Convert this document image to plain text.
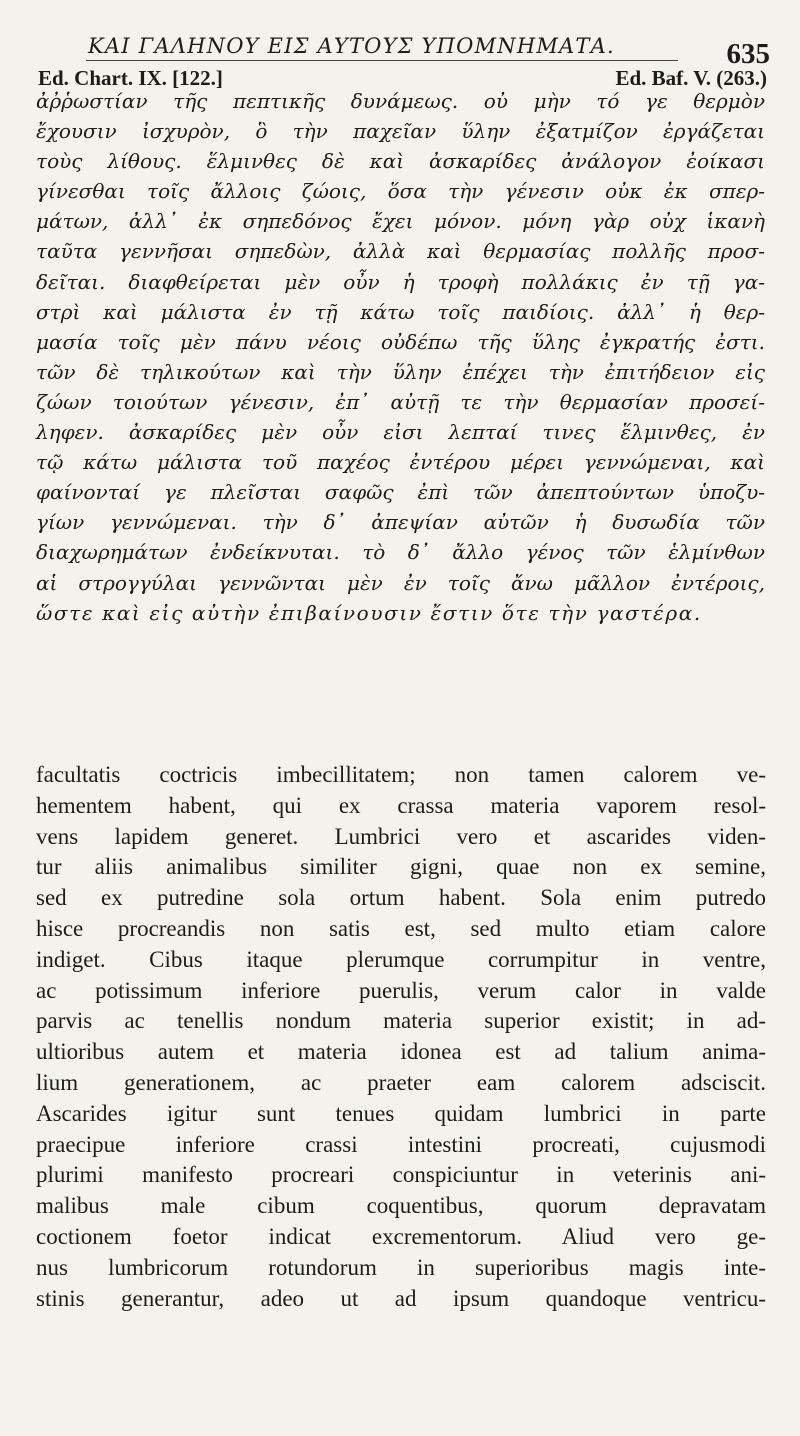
ΚΑΙ ΓΑΛΗΝΟΥ ΕΙΣ ΑΥΤΟΥΣ ΥΠΟΜΝΗΜΑΤΑ.	635
Ed. Chart. IX. [122.]	Ed. Baf. V. (263.)
ἀῤῥωστίαν τῆς πεπτικῆς δυνάμεως. οὐ μὴν τό γε θερμὸν
ἔχουσιν ἰσχυρὸν, ὃ τὴν παχεῖαν ὕλην ἐξατμίζον ἐργάζεται
τοὺς λίθους. ἕλμινθες δὲ καὶ ἀσκαρίδες ἀνάλογον ἐοίκασι
γίνεσθαι τοῖς ἄλλοις ζώοις, ὅσα τὴν γένεσιν οὐκ ἐκ σπερ-
μάτων, ἀλλ᾽ ἐκ σηπεδόνος ἔχει μόνον. μόνη γὰρ οὐχ ἱκανὴ
ταῦτα γεννῆσαι σηπεδὼν, ἀλλὰ καὶ θερμασίας πολλῆς προσ-
δεῖται. διαφθείρεται μὲν οὖν ἡ τροφὴ πολλάκις ἐν τῇ γα-
στρὶ καὶ μάλιστα ἐν τῇ κάτω τοῖς παιδίοις. ἀλλ᾽ ἡ θερ-
μασία τοῖς μὲν πάνυ νέοις οὐδέπω τῆς ὕλης ἐγκρατής ἐστι.
τῶν δὲ τηλικούτων καὶ τὴν ὕλην ἐπέχει τὴν ἐπιτήδειον εἰς
ζώων τοιούτων γένεσιν, ἐπ᾽ αὐτῇ τε τὴν θερμασίαν προσεί-
ληφεν. ἀσκαρίδες μὲν οὖν εἰσι λεπταί τινες ἕλμινθες, ἐν
τῷ κάτω μάλιστα τοῦ παχέος ἐντέρου μέρει γεννώμεναι, καὶ
φαίνονταί γε πλεῖσται σαφῶς ἐπὶ τῶν ἀπεπτούντων ὑποζυ-
γίων γεννώμεναι. τὴν δ᾽ ἀπεψίαν αὐτῶν ἡ δυσωδία τῶν
διαχωρημάτων ἐνδείκνυται. τὸ δ᾽ ἄλλο γένος τῶν ἑλμίνθων
αἱ στρογγύλαι γεννῶνται μὲν ἐν τοῖς ἄνω μᾶλλον ἐντέροις,
ὥστε καὶ εἰς αὐτὴν ἐπιβαίνουσιν ἔστιν ὅτε τὴν γαστέρα.
facultatis coctricis imbecillitatem; non tamen calorem ve-
hementem habent, qui ex crassa materia vaporem resol-
vens lapidem generet. Lumbrici vero et ascarides viden-
tur aliis animalibus similiter gigni, quae non ex semine,
sed ex putredine sola ortum habent. Sola enim putredo
hisce procreandis non satis est, sed multo etiam calore
indiget. Cibus itaque plerumque corrumpitur in ventre,
ac potissimum inferiore puerulis, verum calor in valde
parvis ac tenellis nondum materia superior existit; in ad-
ultioribus autem et materia idonea est ad talium anima-
lium generationem, ac praeter eam calorem adsciscit.
Ascarides igitur sunt tenues quidam lumbrici in parte
praecipue inferiore crassi intestini procreati, cujusmodi
plurimi manifesto procreari conspiciuntur in veterinis ani-
malibus male cibum coquentibus, quorum depravatam
coctionem foetor indicat excrementorum. Aliud vero ge-
nus lumbricorum rotundorum in superioribus magis inte-
stinis generantur, adeo ut ad ipsum quandoque ventricu-
